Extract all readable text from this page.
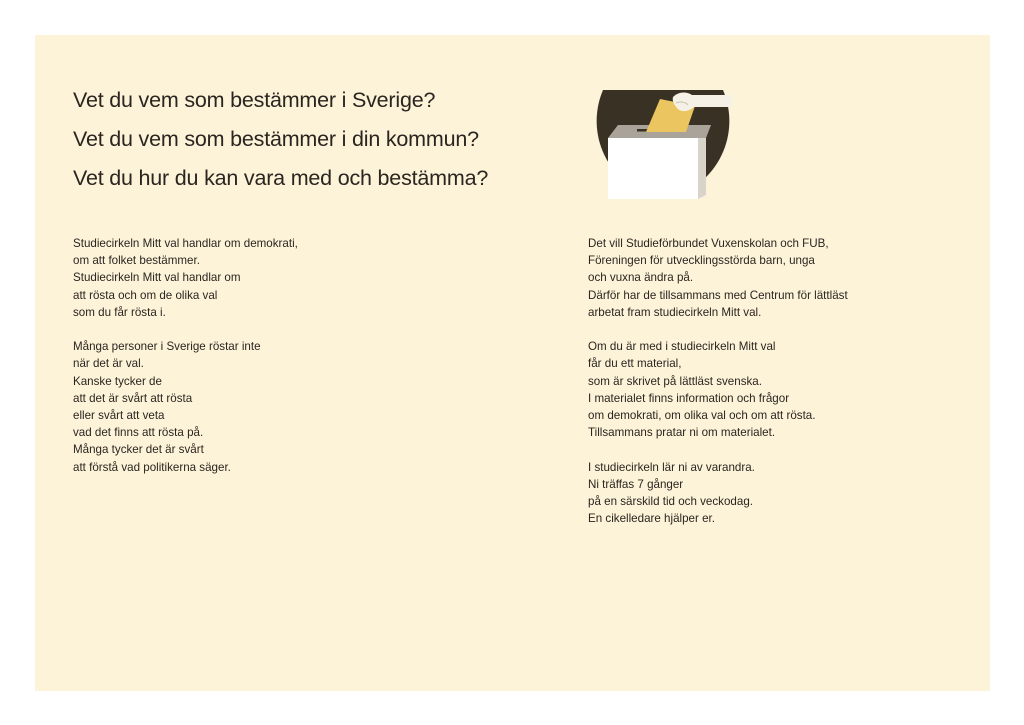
Vet du vem som bestämmer i Sverige?
Vet du vem som bestämmer i din kommun?
Vet du hur du kan vara med och bestämma?
Studiecirkeln Mitt val handlar om demokrati,
om att folket bestämmer.
Studiecirkeln Mitt val handlar om
att rösta och om de olika val
som du får rösta i.
Många personer i Sverige röstar inte
när det är val.
Kanske tycker de
att det är svårt att rösta
eller svårt att veta
vad det finns att rösta på.
Många tycker det är svårt
att förstå vad politikerna säger.
Det vill Studieförbundet Vuxenskolan och FUB,
Föreningen för utvecklingsstörda barn, unga
och vuxna ändra på.
Därför har de tillsammans med Centrum för lättläst
arbetat fram studiecirkeln Mitt val.
Om du är med i studiecirkeln Mitt val
får du ett material,
som är skrivet på lättläst svenska.
I materialet finns information och frågor
om demokrati, om olika val och om att rösta.
Tillsammans pratar ni om materialet.
I studiecirkeln lär ni av varandra.
Ni träffas 7 gånger
på en särskild tid och veckodag.
En cikelledare hjälper er.
